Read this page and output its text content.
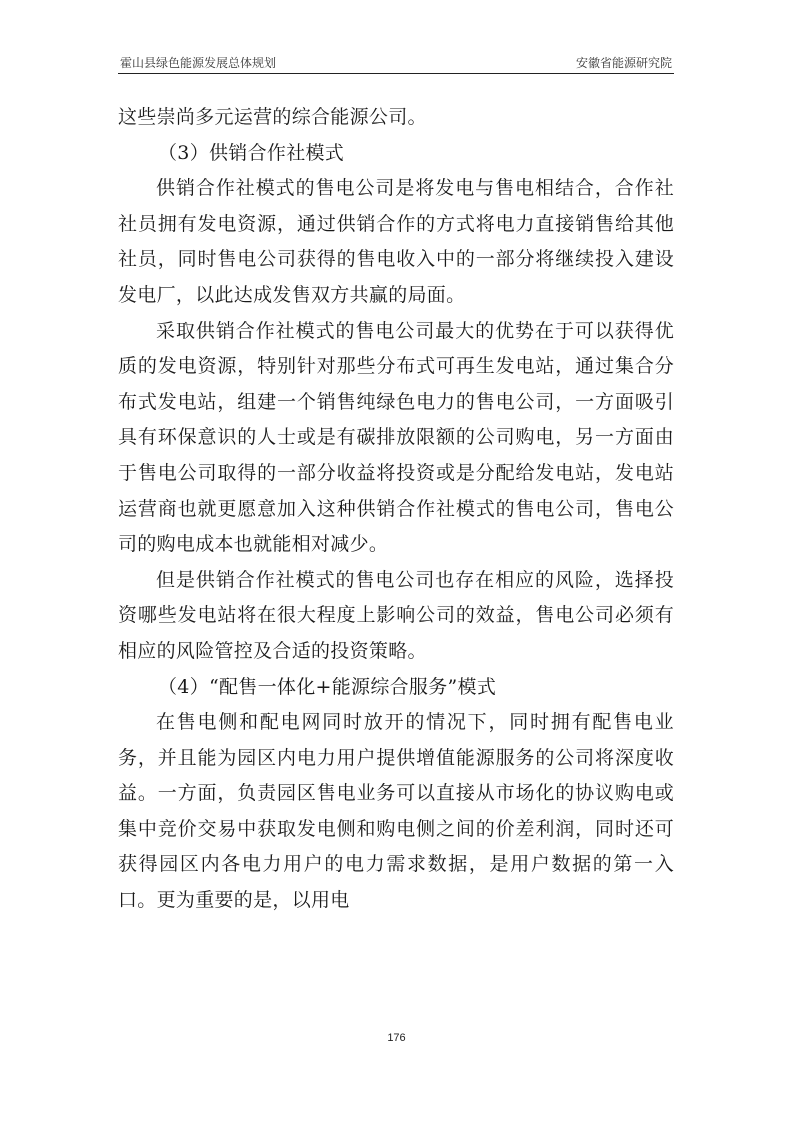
霍山县绿色能源发展总体规划	安徽省能源研究院

这些崇尚多元运营的综合能源公司。

（3）供销合作社模式

供销合作社模式的售电公司是将发电与售电相结合，合作社社员拥有发电资源，通过供销合作的方式将电力直接销售给其他社员，同时售电公司获得的售电收入中的一部分将继续投入建设发电厂，以此达成发售双方共赢的局面。

采取供销合作社模式的售电公司最大的优势在于可以获得优质的发电资源，特别针对那些分布式可再生发电站，通过集合分布式发电站，组建一个销售纯绿色电力的售电公司，一方面吸引具有环保意识的人士或是有碳排放限额的公司购电，另一方面由于售电公司取得的一部分收益将投资或是分配给发电站，发电站运营商也就更愿意加入这种供销合作社模式的售电公司，售电公司的购电成本也就能相对减少。

但是供销合作社模式的售电公司也存在相应的风险，选择投资哪些发电站将在很大程度上影响公司的效益，售电公司必须有相应的风险管控及合适的投资策略。

（4）“配售一体化+能源综合服务”模式

在售电侧和配电网同时放开的情况下，同时拥有配售电业务，并且能为园区内电力用户提供增值能源服务的公司将深度收益。一方面，负责园区售电业务可以直接从市场化的协议购电或集中竞价交易中获取发电侧和购电侧之间的价差利润，同时还可获得园区内各电力用户的电力需求数据，是用户数据的第一入口。更为重要的是，以用电

176
